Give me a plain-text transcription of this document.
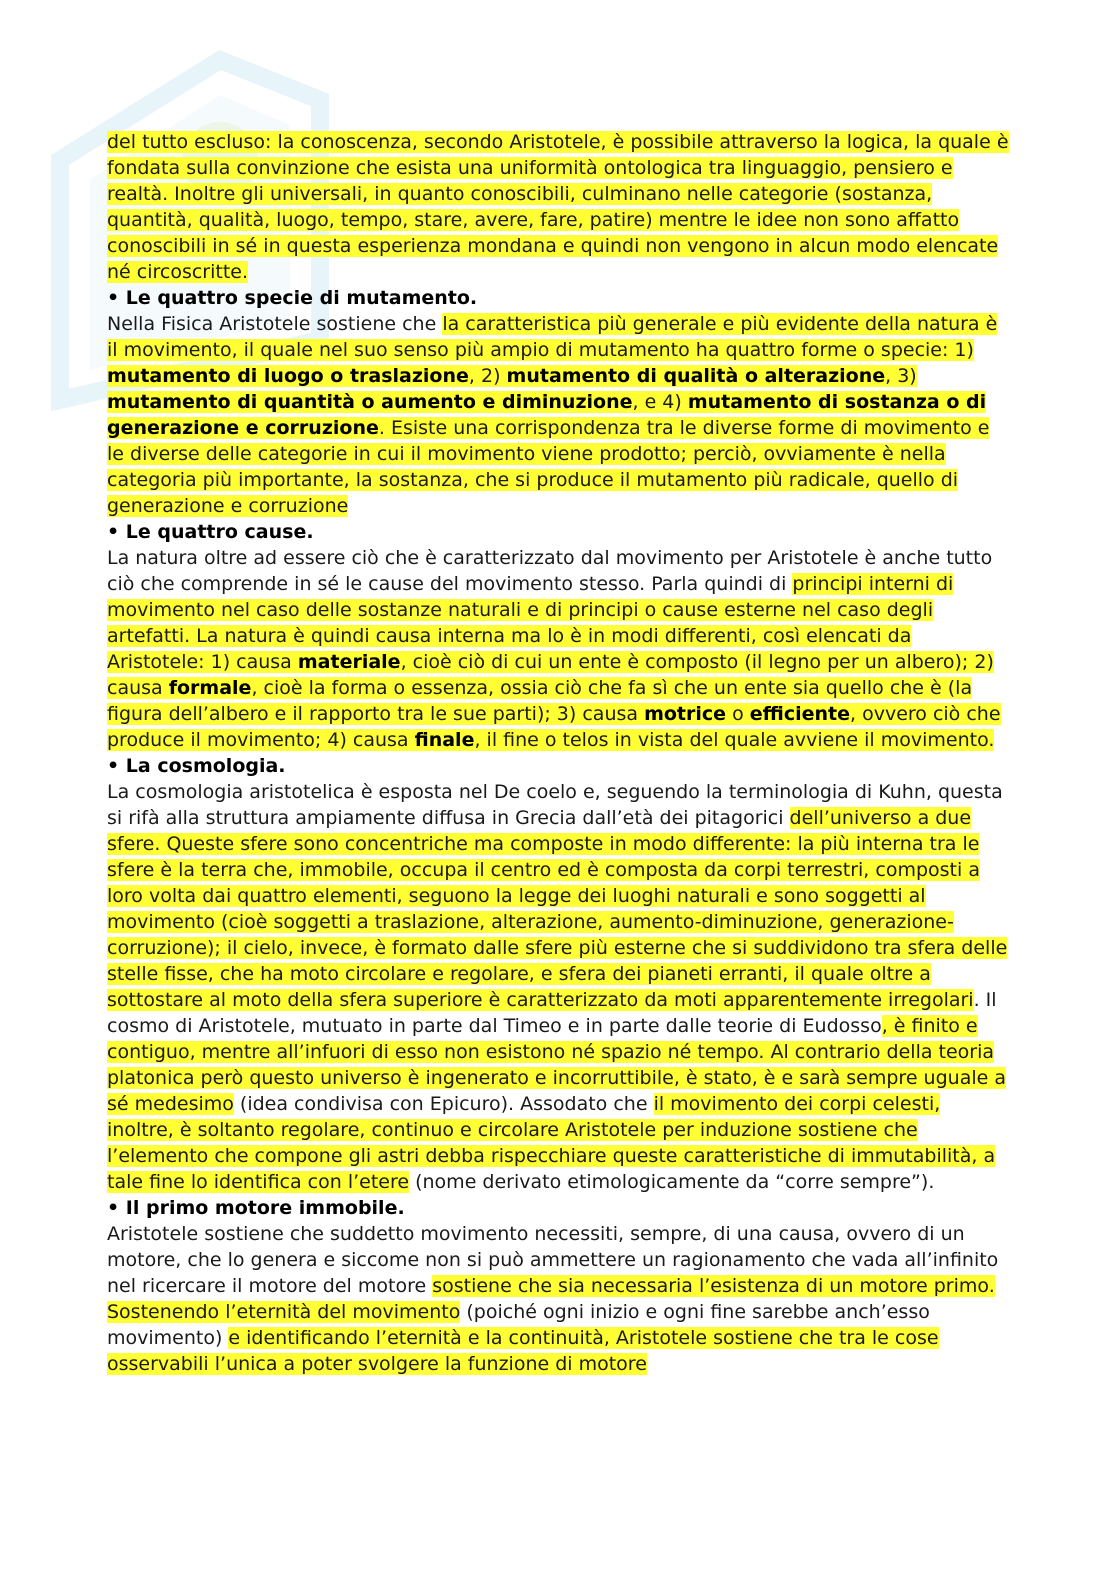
del tutto escluso: la conoscenza, secondo Aristotele, è possibile attraverso la logica, la quale è fondata sulla convinzione che esista una uniformità ontologica tra linguaggio, pensiero e realtà. Inoltre gli universali, in quanto conoscibili, culminano nelle categorie (sostanza, quantità, qualità, luogo, tempo, stare, avere, fare, patire) mentre le idee non sono affatto conoscibili in sé in questa esperienza mondana e quindi non vengono in alcun modo elencate né circoscritte.

• Le quattro specie di mutamento.

Nella Fisica Aristotele sostiene che la caratteristica più generale e più evidente della natura è il movimento, il quale nel suo senso più ampio di mutamento ha quattro forme o specie: 1) mutamento di luogo o traslazione, 2) mutamento di qualità o alterazione, 3) mutamento di quantità o aumento e diminuzione, e 4) mutamento di sostanza o di generazione e corruzione. Esiste una corrispondenza tra le diverse forme di movimento e le diverse delle categorie in cui il movimento viene prodotto; perciò, ovviamente è nella categoria più importante, la sostanza, che si produce il mutamento più radicale, quello di generazione e corruzione

• Le quattro cause.

La natura oltre ad essere ciò che è caratterizzato dal movimento per Aristotele è anche tutto ciò che comprende in sé le cause del movimento stesso. Parla quindi di principi interni di movimento nel caso delle sostanze naturali e di principi o cause esterne nel caso degli artefatti. La natura è quindi causa interna ma lo è in modi differenti, così elencati da Aristotele: 1) causa materiale, cioè ciò di cui un ente è composto (il legno per un albero); 2) causa formale, cioè la forma o essenza, ossia ciò che fa sì che un ente sia quello che è (la figura dell’albero e il rapporto tra le sue parti); 3) causa motrice o efficiente, ovvero ciò che produce il movimento; 4) causa finale, il fine o telos in vista del quale avviene il movimento.

• La cosmologia.

La cosmologia aristotelica è esposta nel De coelo e, seguendo la terminologia di Kuhn, questa si rifà alla struttura ampiamente diffusa in Grecia dall’età dei pitagorici dell’universo a due sfere. Queste sfere sono concentriche ma composte in modo differente: la più interna tra le sfere è la terra che, immobile, occupa il centro ed è composta da corpi terrestri, composti a loro volta dai quattro elementi, seguono la legge dei luoghi naturali e sono soggetti al movimento (cioè soggetti a traslazione, alterazione, aumento-diminuzione, generazione-corruzione); il cielo, invece, è formato dalle sfere più esterne che si suddividono tra sfera delle stelle fisse, che ha moto circolare e regolare, e sfera dei pianeti erranti, il quale oltre a sottostare al moto della sfera superiore è caratterizzato da moti apparentemente irregolari. Il cosmo di Aristotele, mutuato in parte dal Timeo e in parte dalle teorie di Eudosso, è finito e contiguo, mentre all’infuori di esso non esistono né spazio né tempo. Al contrario della teoria platonica però questo universo è ingenerato e incorruttibile, è stato, è e sarà sempre uguale a sé medesimo (idea condivisa con Epicuro). Assodato che il movimento dei corpi celesti, inoltre, è soltanto regolare, continuo e circolare Aristotele per induzione sostiene che l’elemento che compone gli astri debba rispecchiare queste caratteristiche di immutabilità, a tale fine lo identifica con l’etere (nome derivato etimologicamente da “corre sempre”).

• Il primo motore immobile.

Aristotele sostiene che suddetto movimento necessiti, sempre, di una causa, ovvero di un motore, che lo genera e siccome non si può ammettere un ragionamento che vada all’infinito nel ricercare il motore del motore sostiene che sia necessaria l’esistenza di un motore primo. Sostenendo l’eternità del movimento (poiché ogni inizio e ogni fine sarebbe anch’esso movimento) e identificando l’eternità e la continuità, Aristotele sostiene che tra le cose osservabili l’unica a poter svolgere la funzione di motore
